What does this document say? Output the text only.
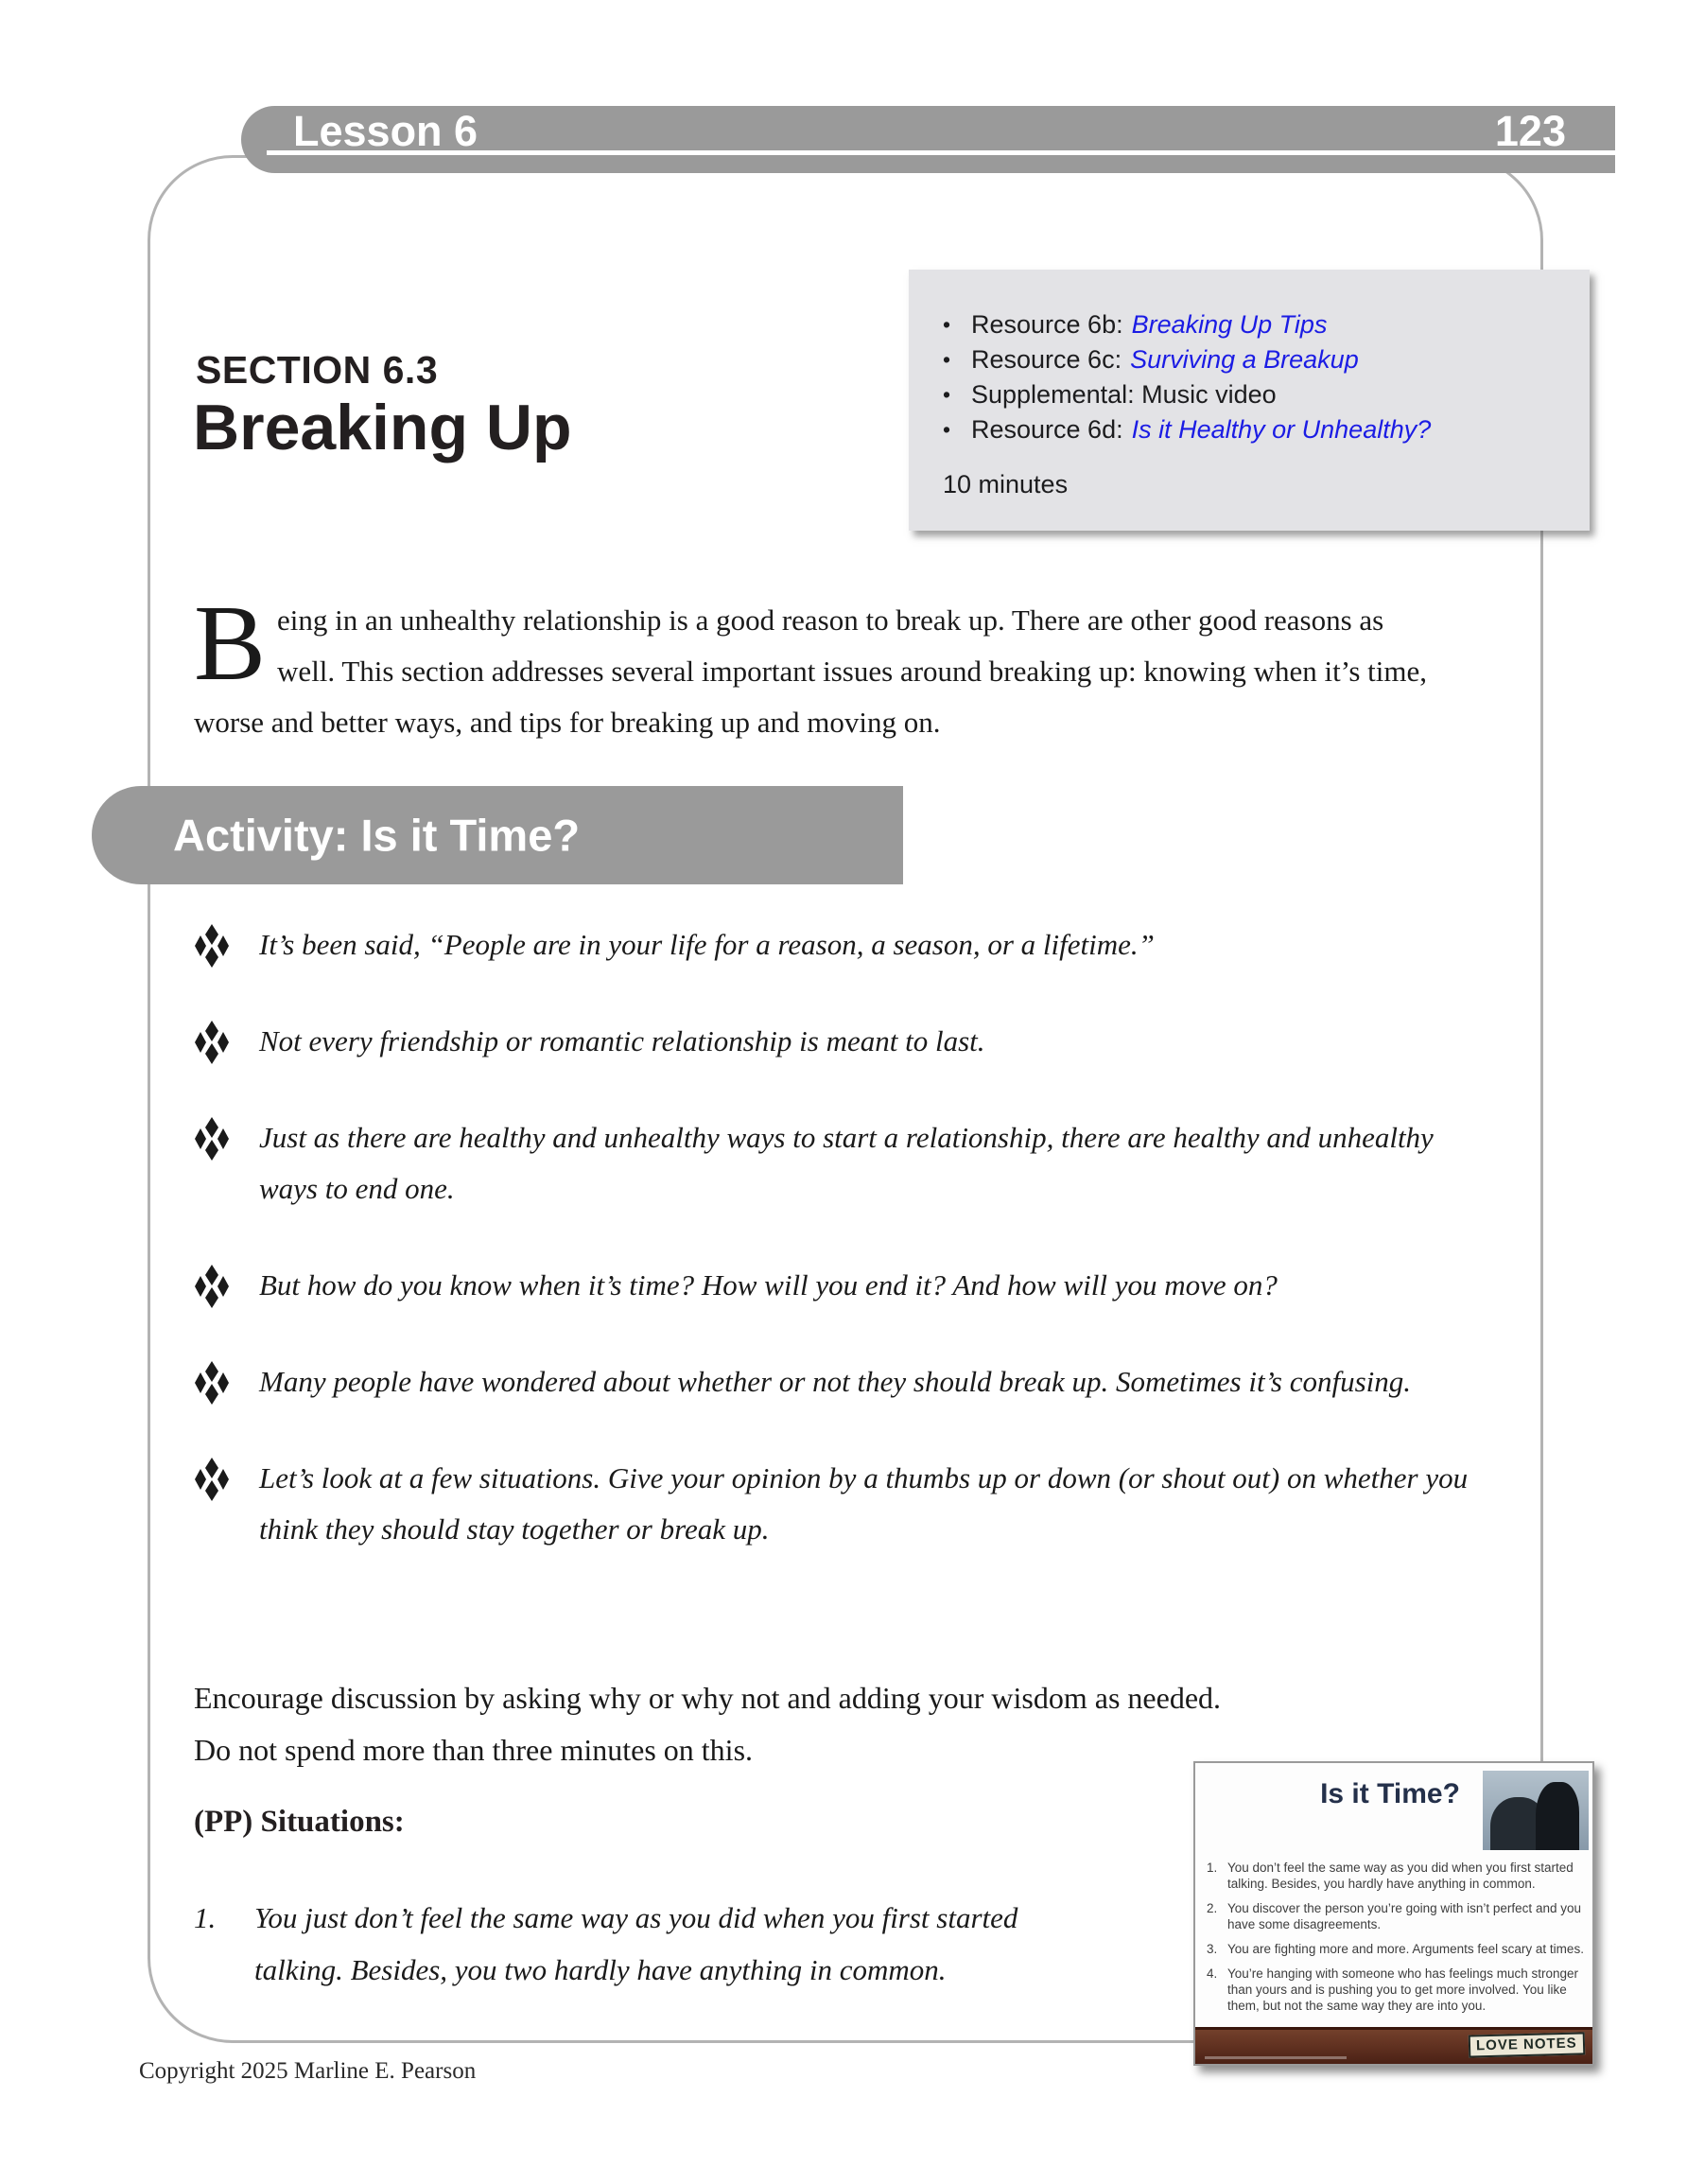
Lesson 6	123
• Resource 6b: Breaking Up Tips
• Resource 6c: Surviving a Breakup
• Supplemental: Music video
• Resource 6d: Is it Healthy or Unhealthy?
10 minutes
SECTION 6.3
Breaking Up

Being in an unhealthy relationship is a good reason to break up. There are other good reasons as well. This section addresses several important issues around breaking up: knowing when it’s time, worse and better ways, and tips for breaking up and moving on.

Activity: Is it Time?
It’s been said, “People are in your life for a reason, a season, or a lifetime.”
Not every friendship or romantic relationship is meant to last.
Just as there are healthy and unhealthy ways to start a relationship, there are healthy and unhealthy ways to end one.
But how do you know when it’s time? How will you end it? And how will you move on?
Many people have wondered about whether or not they should break up. Sometimes it’s confusing.
Let’s look at a few situations. Give your opinion by a thumbs up or down (or shout out) on whether you think they should stay together or break up.
Encourage discussion by asking why or why not and adding your wisdom as needed.
Do not spend more than three minutes on this.
(PP) Situations:
1.	You just don’t feel the same way as you did when you first started talking. Besides, you two hardly have anything in common.
Copyright 2025 Marline E. Pearson
Is it Time?
1. You don’t feel the same way as you did when you first started talking. Besides, you hardly have anything in common.
2. You discover the person you’re going with isn’t perfect and you have some disagreements.
3. You are fighting more and more. Arguments feel scary at times.
4. You’re hanging with someone who has feelings much stronger than yours and is pushing you to get more involved. You like them, but not the same way they are into you.
LOVE NOTES
